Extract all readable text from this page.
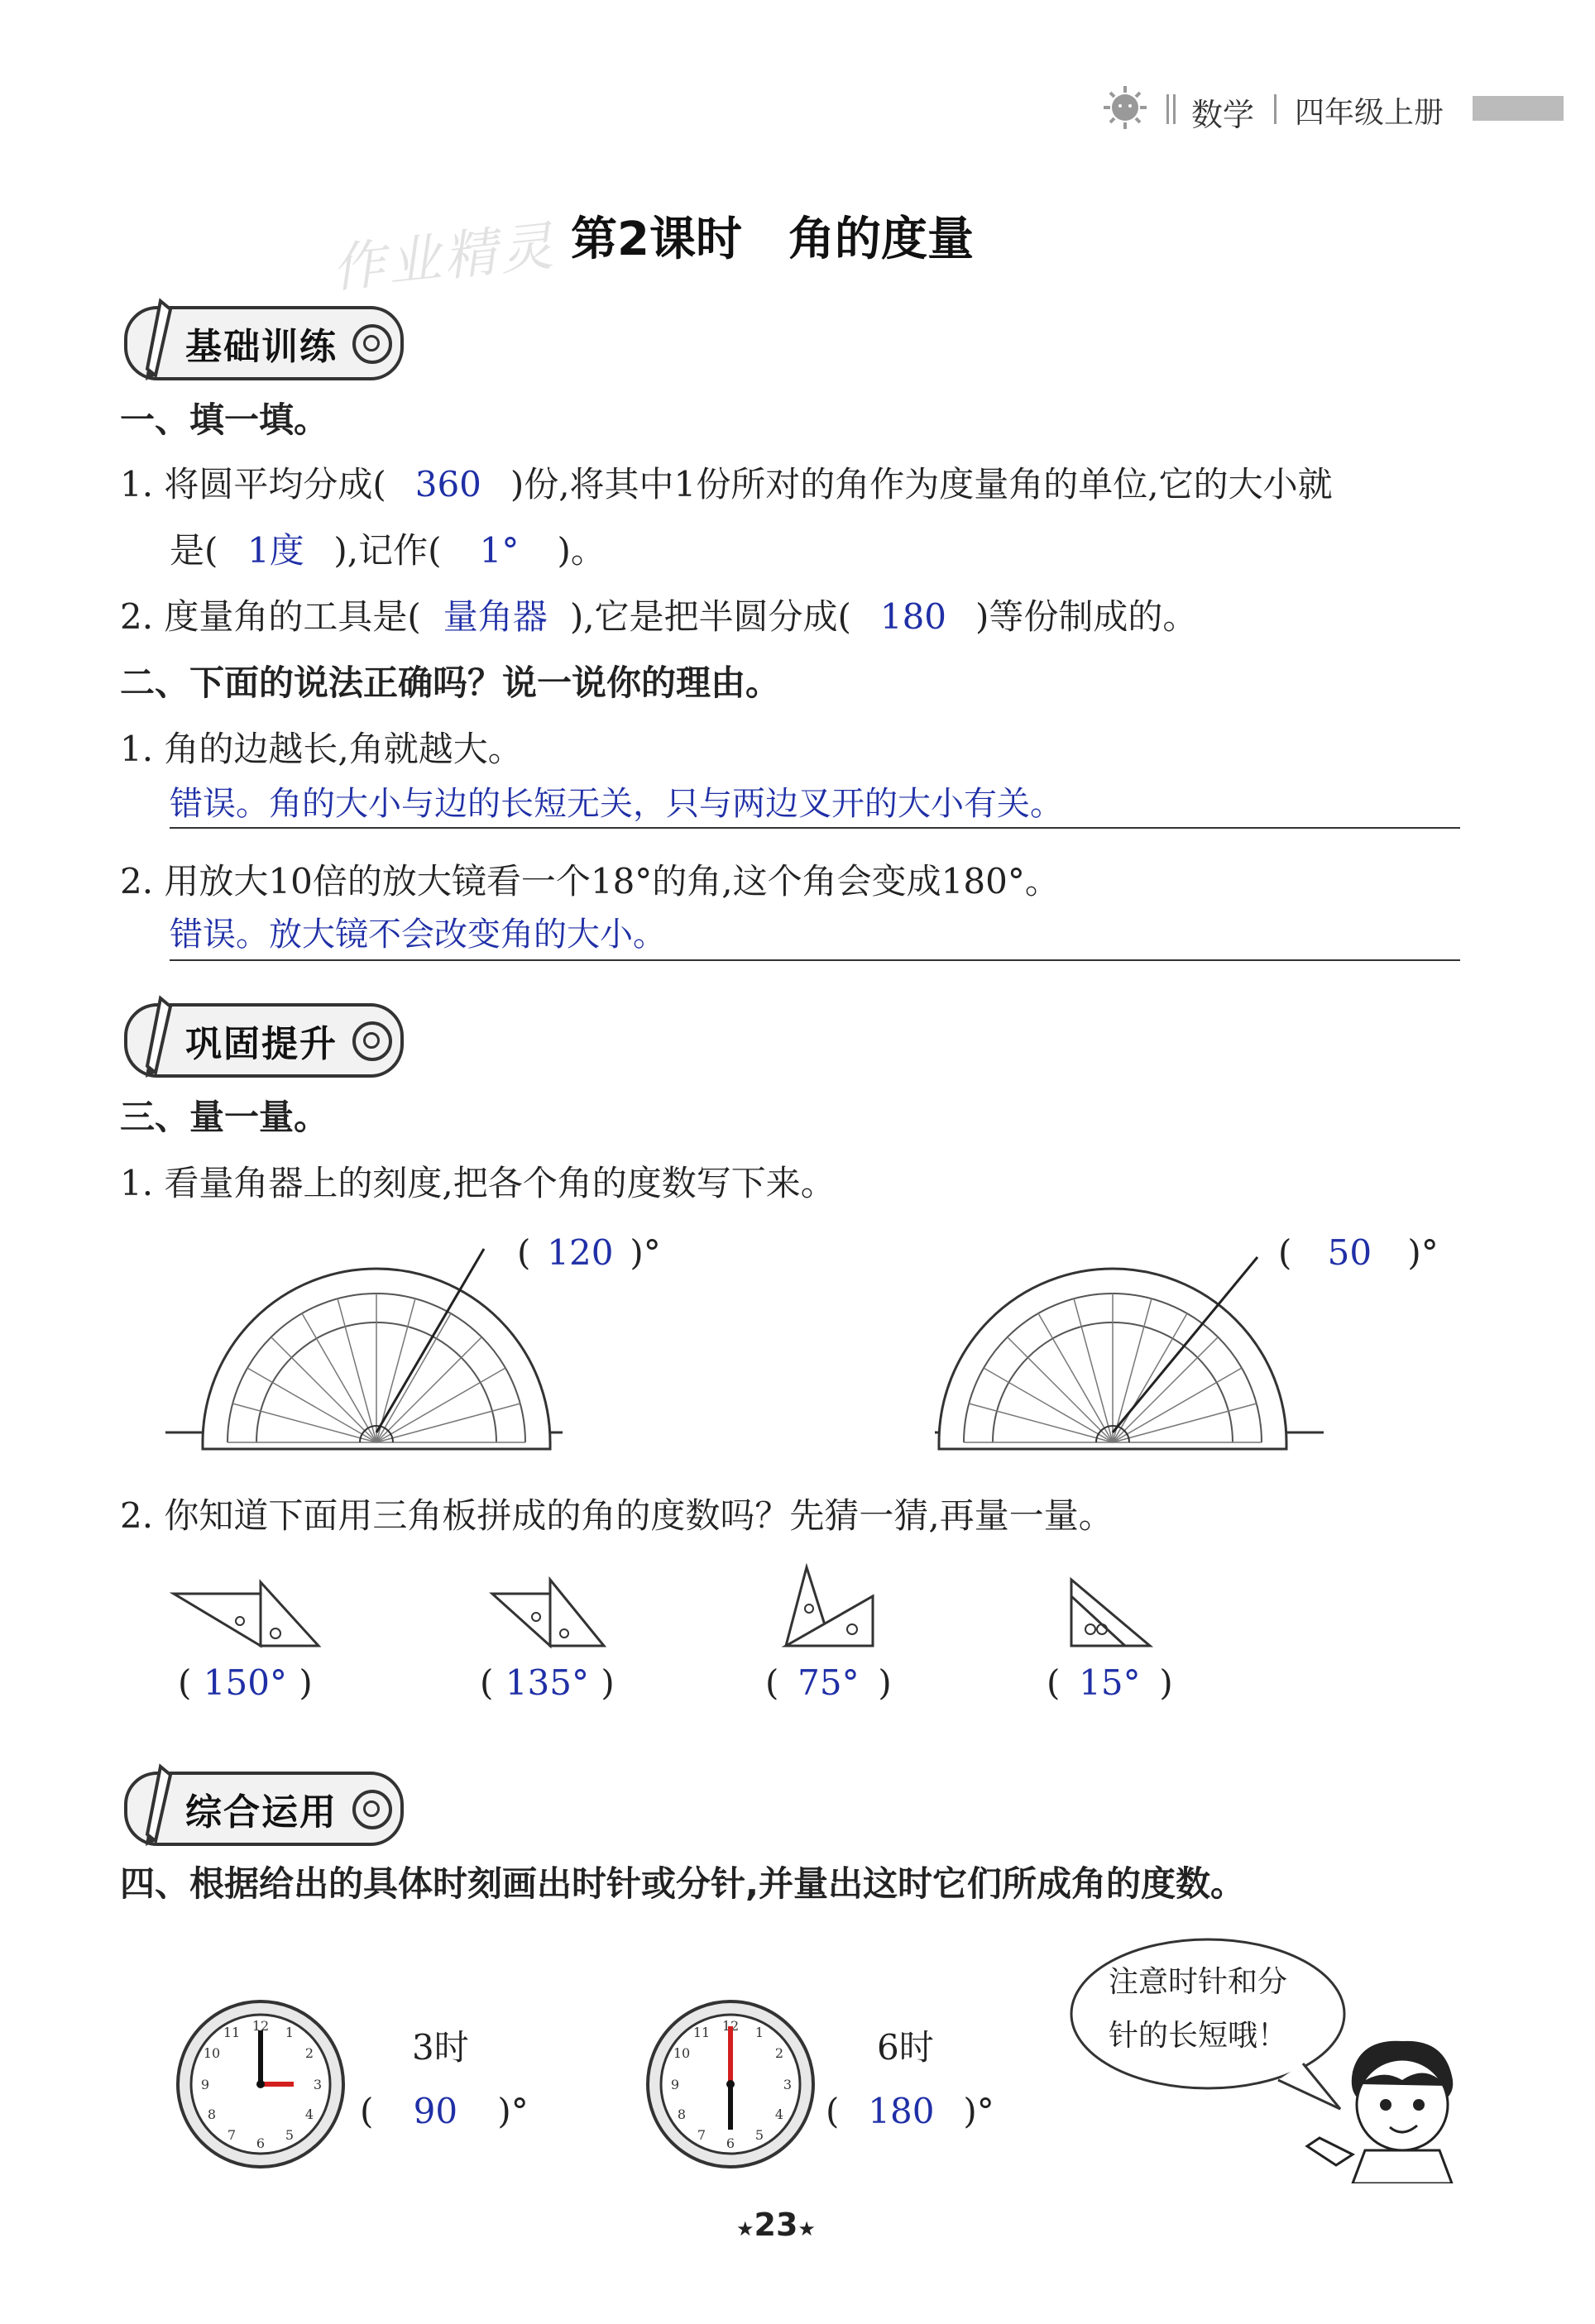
数学 四年级上册
作业精灵 第2课时　角的度量
基础训练
一、填一填。
1. 将圆平均分成( 360 )份,将其中1份所对的角作为度量角的单位,它的大小就
是( 1度 ),记作( 1° )。
2. 度量角的工具是( 量角器 ),它是把半圆分成( 180 )等份制成的。
二、下面的说法正确吗？说一说你的理由。
1. 角的边越长,角就越大。
错误。角的大小与边的长短无关，只与两边叉开的大小有关。
2. 用放大10倍的放大镜看一个18°的角,这个角会变成180°。
错误。放大镜不会改变角的大小。
巩固提升
三、量一量。
1. 看量角器上的刻度,把各个角的度数写下来。
( 120 )°	( 50 )°
2. 你知道下面用三角板拼成的角的度数吗？先猜一猜,再量一量。
( 150° )	( 135° )	( 75° )	( 15° )
综合运用
四、根据给出的具体时刻画出时针或分针,并量出这时它们所成角的度数。
12 1
2
3
4
5
6
7
8
9
10
11	3时
( 90 )°
12 1
2
3
4
5
6
7
8
9
10
11	6时
( 180 )°
注意时针和分
针的长短哦！
★23★
